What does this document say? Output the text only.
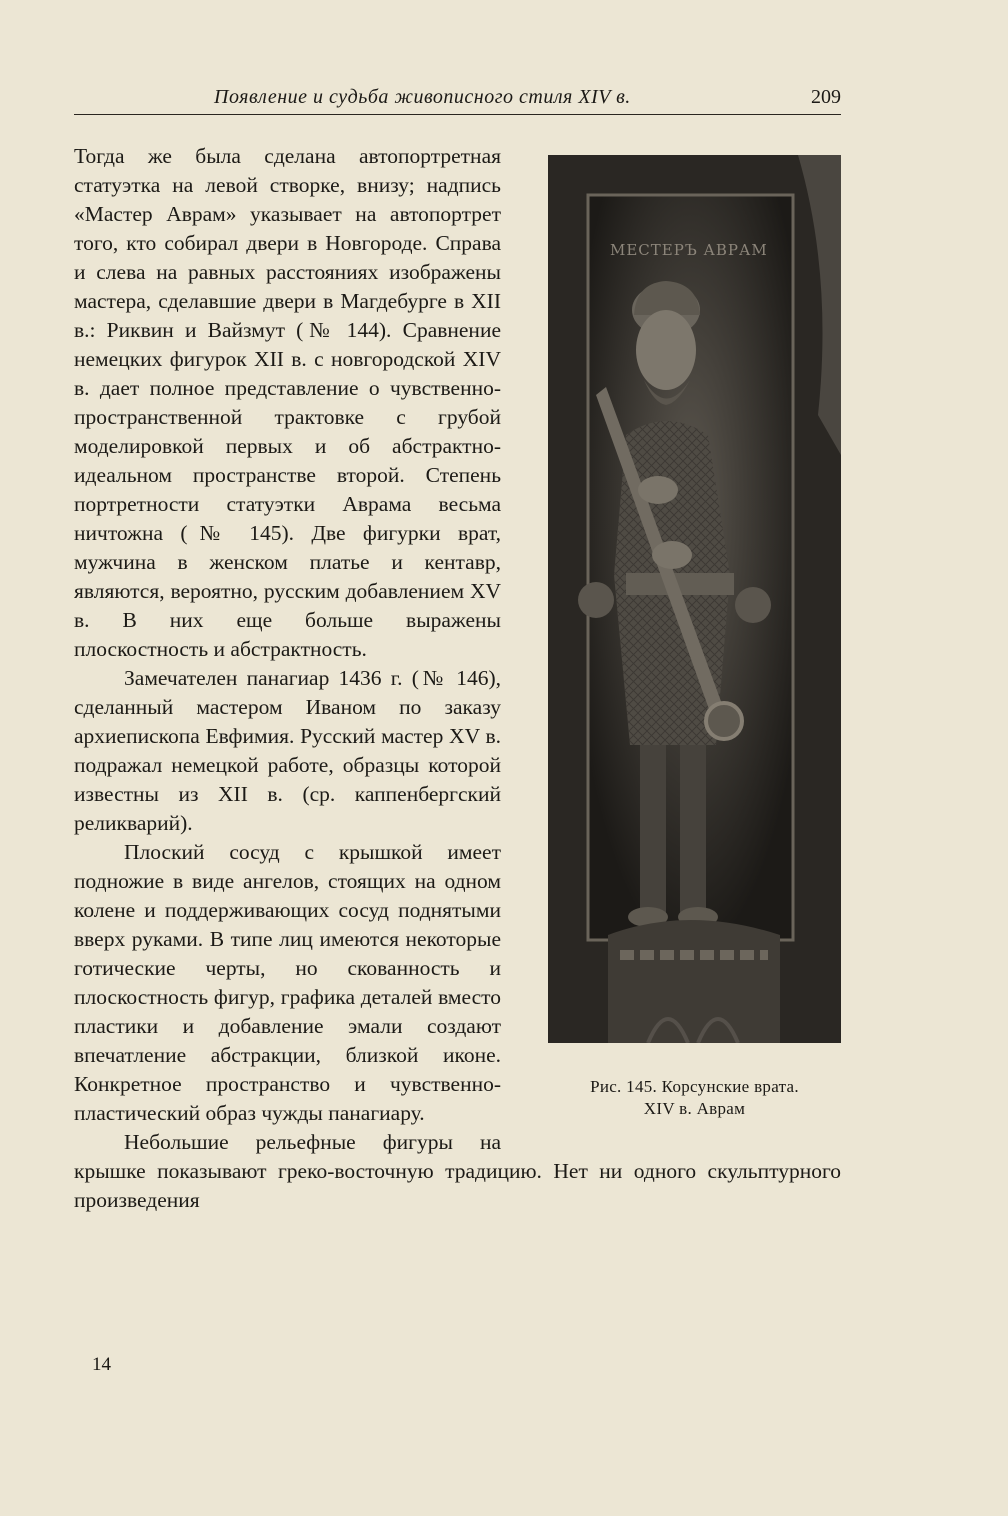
Появление и судьба живописного стиля XIV в.	209

Тогда же была сделана автопортретная статуэтка на левой створке, внизу; надпись «Мастер Аврам» указывает на автопортрет того, кто собирал двери в Новгороде. Справа и слева на равных расстояниях изображены мастера, сделавшие двери в Магдебурге в XII в.: Риквин и Вайзмут (№ 144). Сравнение немецких фигурок XII в. с новгородской XIV в. дает полное представление о чувственно-пространственной трактовке с грубой моделировкой первых и об абстрактно-идеальном пространстве второй. Степень портретности статуэтки Аврама весьма ничтожна (№ 145). Две фигурки врат, мужчина в женском платье и кентавр, являются, вероятно, русским добавлением XV в. В них еще больше выражены плоскостность и абстрактность.

Замечателен панагиар 1436 г. (№ 146), сделанный мастером Иваном по заказу архиепископа Евфимия. Русский мастер XV в. подражал немецкой работе, образцы которой известны из XII в. (ср. каппенбергский реликварий).

Плоский сосуд с крышкой имеет подножие в виде ангелов, стоящих на одном колене и поддерживающих сосуд поднятыми вверх руками. В типе лиц имеются некоторые готические черты, но скованность и плоскостность фигур, графика деталей вместо пластики и добавление эмали создают впечатление абстракции, близкой иконе. Конкретное пространство и чувственно-пластический образ чужды панагиару.

Небольшие рельефные фигуры на крышке показывают греко-восточную традицию. Нет ни одного скульптурного произведения

МЕСТЕРЪ АВРАМ
Рис. 145. Корсунские врата.
XIV в. Аврам
14
